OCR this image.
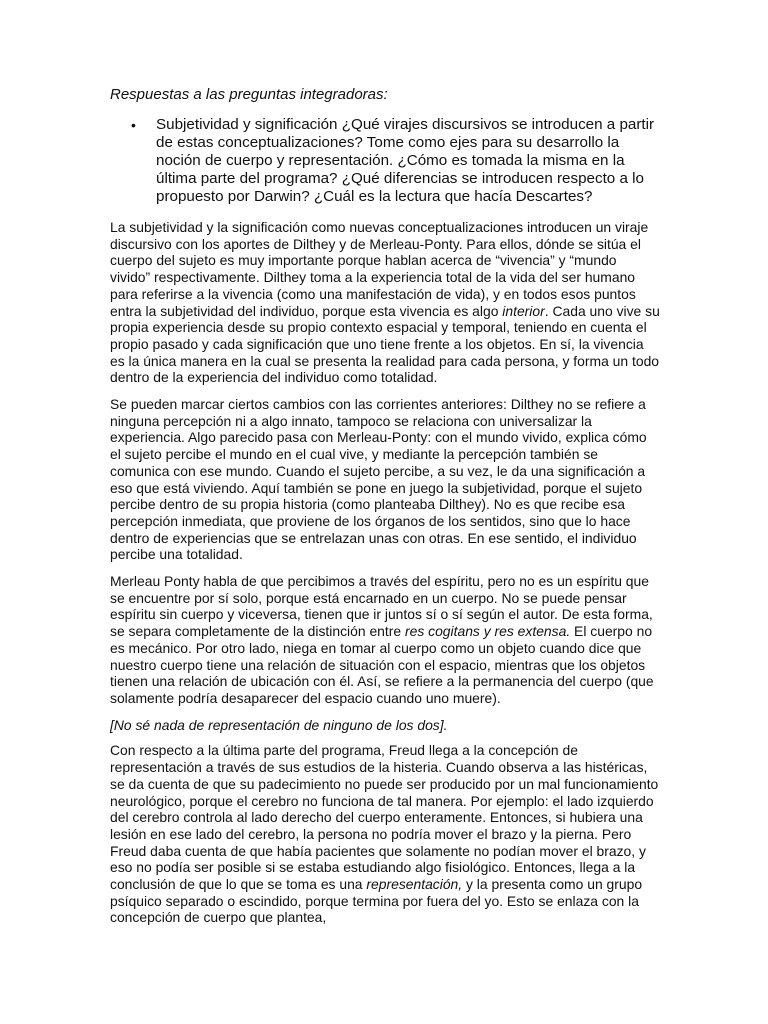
Respuestas a las preguntas integradoras:
• Subjetividad y significación ¿Qué virajes discursivos se introducen a partir de estas conceptualizaciones? Tome como ejes para su desarrollo la noción de cuerpo y representación. ¿Cómo es tomada la misma en la última parte del programa? ¿Qué diferencias se introducen respecto a lo propuesto por Darwin? ¿Cuál es la lectura que hacía Descartes?

La subjetividad y la significación como nuevas conceptualizaciones introducen un viraje discursivo con los aportes de Dilthey y de Merleau-Ponty. Para ellos, dónde se sitúa el cuerpo del sujeto es muy importante porque hablan acerca de “vivencia” y “mundo vivido” respectivamente. Dilthey toma a la experiencia total de la vida del ser humano para referirse a la vivencia (como una manifestación de vida), y en todos esos puntos entra la subjetividad del individuo, porque esta vivencia es algo interior. Cada uno vive su propia experiencia desde su propio contexto espacial y temporal, teniendo en cuenta el propio pasado y cada significación que uno tiene frente a los objetos. En sí, la vivencia es la única manera en la cual se presenta la realidad para cada persona, y forma un todo dentro de la experiencia del individuo como totalidad.

Se pueden marcar ciertos cambios con las corrientes anteriores: Dilthey no se refiere a ninguna percepción ni a algo innato, tampoco se relaciona con universalizar la experiencia. Algo parecido pasa con Merleau-Ponty: con el mundo vivido, explica cómo el sujeto percibe el mundo en el cual vive, y mediante la percepción también se comunica con ese mundo. Cuando el sujeto percibe, a su vez, le da una significación a eso que está viviendo. Aquí también se pone en juego la subjetividad, porque el sujeto percibe dentro de su propia historia (como planteaba Dilthey). No es que recibe esa percepción inmediata, que proviene de los órganos de los sentidos, sino que lo hace dentro de experiencias que se entrelazan unas con otras. En ese sentido, el individuo percibe una totalidad.

Merleau Ponty habla de que percibimos a través del espíritu, pero no es un espíritu que se encuentre por sí solo, porque está encarnado en un cuerpo. No se puede pensar espíritu sin cuerpo y viceversa, tienen que ir juntos sí o sí según el autor. De esta forma, se separa completamente de la distinción entre res cogitans y res extensa. El cuerpo no es mecánico. Por otro lado, niega en tomar al cuerpo como un objeto cuando dice que nuestro cuerpo tiene una relación de situación con el espacio, mientras que los objetos tienen una relación de ubicación con él. Así, se refiere a la permanencia del cuerpo (que solamente podría desaparecer del espacio cuando uno muere).

[No sé nada de representación de ninguno de los dos].

Con respecto a la última parte del programa, Freud llega a la concepción de representación a través de sus estudios de la histeria. Cuando observa a las histéricas, se da cuenta de que su padecimiento no puede ser producido por un mal funcionamiento neurológico, porque el cerebro no funciona de tal manera. Por ejemplo: el lado izquierdo del cerebro controla al lado derecho del cuerpo enteramente. Entonces, si hubiera una lesión en ese lado del cerebro, la persona no podría mover el brazo y la pierna. Pero Freud daba cuenta de que había pacientes que solamente no podían mover el brazo, y eso no podía ser posible si se estaba estudiando algo fisiológico. Entonces, llega a la conclusión de que lo que se toma es una representación, y la presenta como un grupo psíquico separado o escindido, porque termina por fuera del yo. Esto se enlaza con la concepción de cuerpo que plantea,
